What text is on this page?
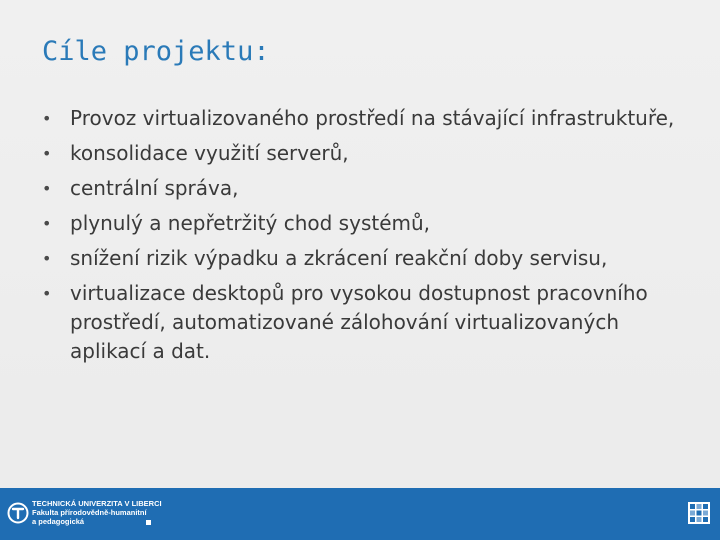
Cíle projektu:
• Provoz virtualizovaného prostředí na stávající infrastruktuře,
• konsolidace využití serverů,
• centrální správa,
• plynulý a nepřetržitý chod systémů,
• snížení rizik výpadku a zkrácení reakční doby servisu,
• virtualizace desktopů pro vysokou dostupnost pracovního prostředí, automatizované zálohování virtualizovaných aplikací a dat.
TECHNICKÁ UNIVERZITA V LIBERCI
Fakulta přírodovědně-humanitní
a pedagogická
